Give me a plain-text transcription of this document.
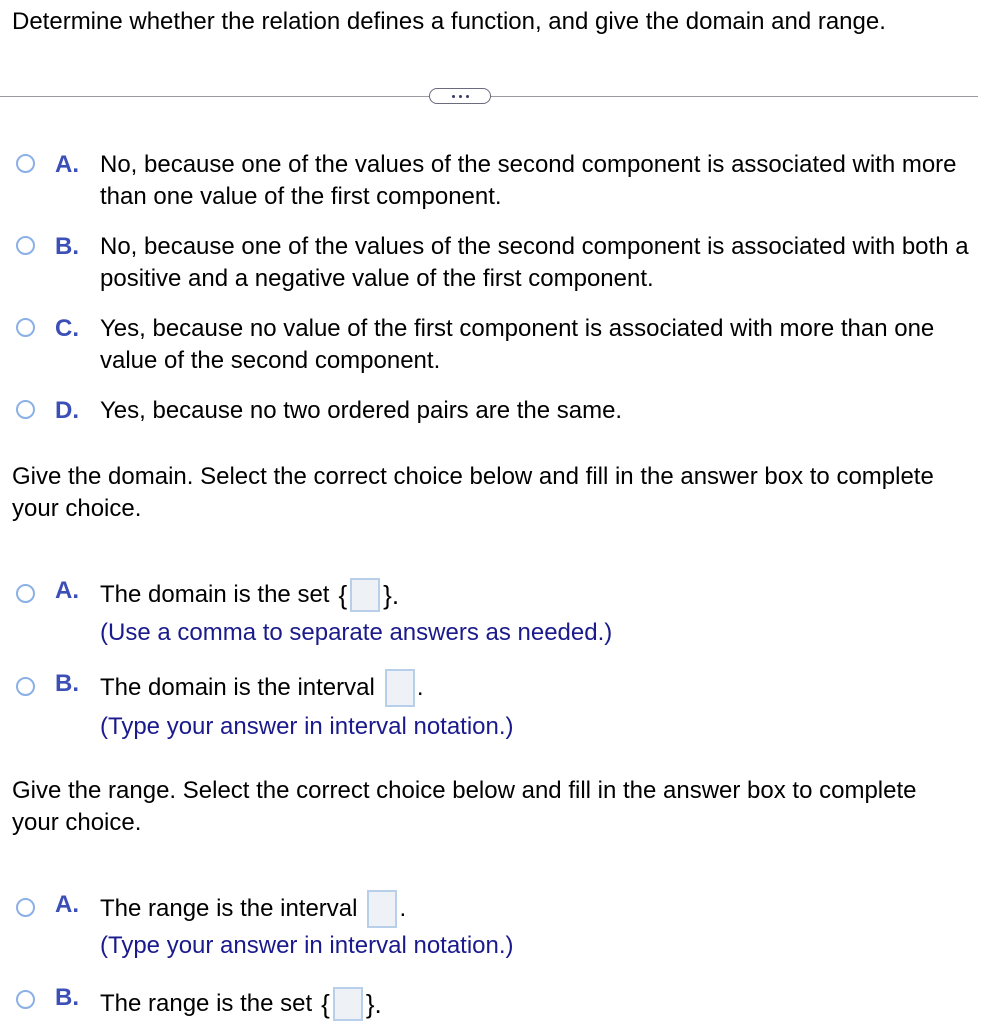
Determine whether the relation defines a function, and give the domain and range.
A. No, because one of the values of the second component is associated with more than one value of the first component.
B. No, because one of the values of the second component is associated with both a positive and a negative value of the first component.
C. Yes, because no value of the first component is associated with more than one value of the second component.
D. Yes, because no two ordered pairs are the same.
Give the domain. Select the correct choice below and fill in the answer box to complete your choice.
A. The domain is the set { }.
(Use a comma to separate answers as needed.)
B. The domain is the interval .
(Type your answer in interval notation.)
Give the range. Select the correct choice below and fill in the answer box to complete your choice.
A. The range is the interval .
(Type your answer in interval notation.)
B. The range is the set { }.
